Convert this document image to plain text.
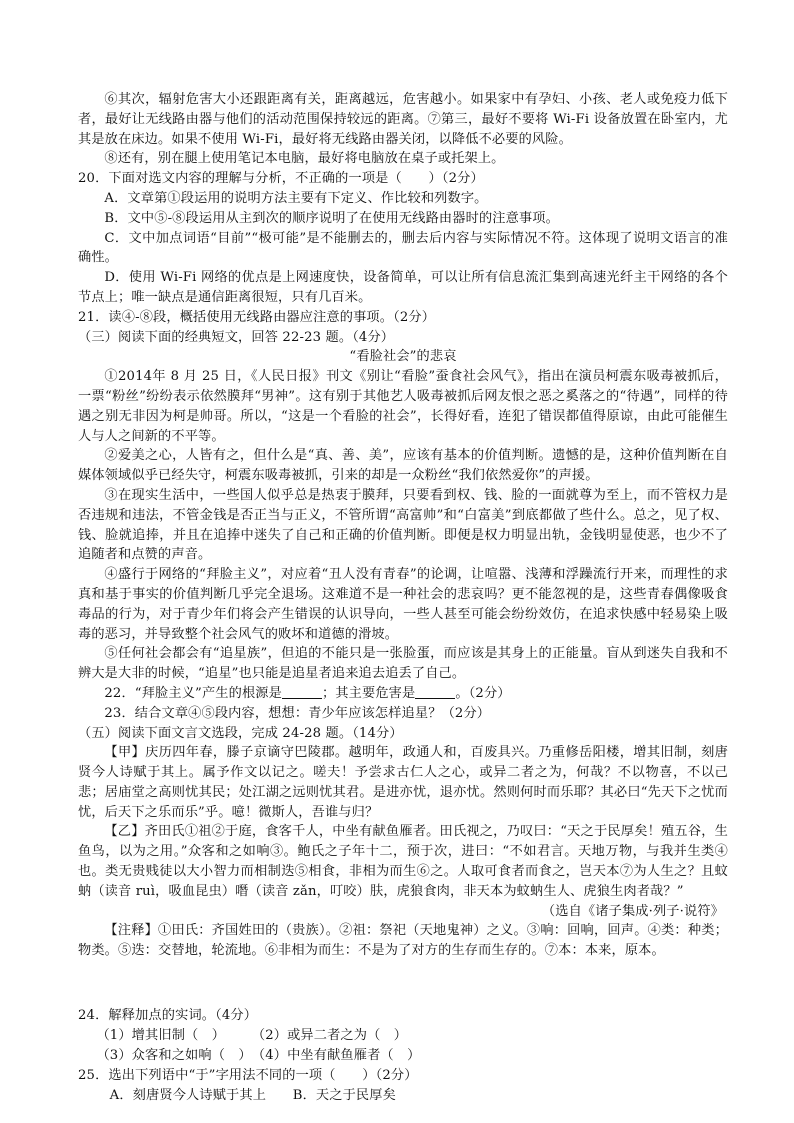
⑥其次，辐射危害大小还跟距离有关，距离越远，危害越小。如果家中有孕妇、小孩、老人或免疫力低下者，最好让无线路由器与他们的活动范围保持较远的距离。⑦第三，最好不要将 Wi-Fi 设备放置在卧室内，尤其是放在床边。如果不使用 Wi-Fi，最好将无线路由器关闭，以降低不必要的风险。

⑧还有，别在腿上使用笔记本电脑，最好将电脑放在桌子或托架上。

20．下面对选文内容的理解与分析，不正确的一项是（　　）（2分）

A．文章第①段运用的说明方法主要有下定义、作比较和列数字。

B．文中⑤-⑧段运用从主到次的顺序说明了在使用无线路由器时的注意事项。

C．文中加点词语“目前”“极可能”是不能删去的，删去后内容与实际情况不符。这体现了说明文语言的准确性。

D．使用 Wi-Fi 网络的优点是上网速度快，设备简单，可以让所有信息流汇集到高速光纤主干网络的各个节点上；唯一缺点是通信距离很短，只有几百米。

21．读④-⑧段，概括使用无线路由器应注意的事项。（2分）

（三）阅读下面的经典短文，回答 22-23 题。（4分）

“看脸社会”的悲哀

①2014年 8 月 25 日，《人民日报》刊文《别让“看脸”蚕食社会风气》，指出在演员柯震东吸毒被抓后，一票“粉丝”纷纷表示依然膜拜“男神”。这有别于其他艺人吸毒被抓后网友恨之恶之奚落之的“待遇”，同样的待遇之别无非因为柯是帅哥。所以，“这是一个看脸的社会”，长得好看，连犯了错误都值得原谅，由此可能催生人与人之间新的不平等。

②爱美之心，人皆有之，但什么是“真、善、美”，应该有基本的价值判断。遗憾的是，这种价值判断在自媒体领域似乎已经失守，柯震东吸毒被抓，引来的却是一众粉丝“我们依然爱你”的声援。

③在现实生活中，一些国人似乎总是热衷于膜拜，只要看到权、钱、脸的一面就尊为至上，而不管权力是否违规和违法，不管金钱是否正当与正义，不管所谓“高富帅”和“白富美”到底都做了些什么。总之，见了权、钱、脸就追捧，并且在追捧中迷失了自己和正确的价值判断。即便是权力明显出轨，金钱明显使恶，也少不了追随者和点赞的声音。

④盛行于网络的“拜脸主义”，对应着“丑人没有青春”的论调，让喧嚣、浅薄和浮躁流行开来，而理性的求真和基于事实的价值判断几乎完全退场。这难道不是一种社会的悲哀吗？更不能忽视的是，这些青春偶像吸食毒品的行为，对于青少年们将会产生错误的认识导向，一些人甚至可能会纷纷效仿，在追求快感中轻易染上吸毒的恶习，并导致整个社会风气的败坏和道德的滑坡。

⑤任何社会都会有“追星族”，但追的不能只是一张脸蛋，而应该是其身上的正能量。盲从到迷失自我和不辨大是大非的时候，“追星”也只能是追星者追来追去追丢了自己。

22．“拜脸主义”产生的根源是	；其主要危害是	。（2分）

23．结合文章④⑤段内容，想想：青少年应该怎样追星？（2分）

（五）阅读下面文言文选段，完成 24-28 题。（14分）

【甲】庆历四年春，滕子京谪守巴陵郡。越明年，政通人和，百废具兴。乃重修岳阳楼，增其旧制，刻唐贤今人诗赋于其上。属予作文以记之。嗟夫！予尝求古仁人之心，或异二者之为，何哉？不以物喜，不以己悲；居庙堂之高则忧其民；处江湖之远则忧其君。是进亦忧，退亦忧。然则何时而乐耶？其必曰“先天下之忧而忧，后天下之乐而乐”乎。噫！微斯人，吾谁与归？

【乙】齐田氏①祖②于庭，食客千人，中坐有献鱼雁者。田氏视之，乃叹曰：“天之于民厚矣！殖五谷，生鱼鸟，以为之用。”众客和之如响③。鲍氏之子年十二，预于次，进曰：“不如君言。天地万物，与我并生类④也。类无贵贱徒以大小智力而相制迭⑤相食，非相为而生⑥之。人取可食者而食之，岂天本⑦为人生之？且蚊蚋（读音 ruì，吸血昆虫）噆（读音 zǎn，叮咬）肤，虎狼食肉，非天本为蚊蚋生人、虎狼生肉者哉？”

（选自《诸子集成·列子·说符》

【注释】①田氏：齐国姓田的（贵族）。②祖：祭祀（天地鬼神）之义。③响：回响，回声。④类：种类；物类。⑤迭：交替地，轮流地。⑥非相为而生：不是为了对方的生存而生存的。⑦本：本来，原本。

24．解释加点的实词。（4分）

（1）增其旧制（　）　　　（2）或异二者之为（　）

（3）众客和之如响（　）　（4）中坐有献鱼雁者（　）

25．选出下列语中“于”字用法不同的一项（　　）（2分）

A．刻唐贤今人诗赋于其上　　B．天之于民厚矣
